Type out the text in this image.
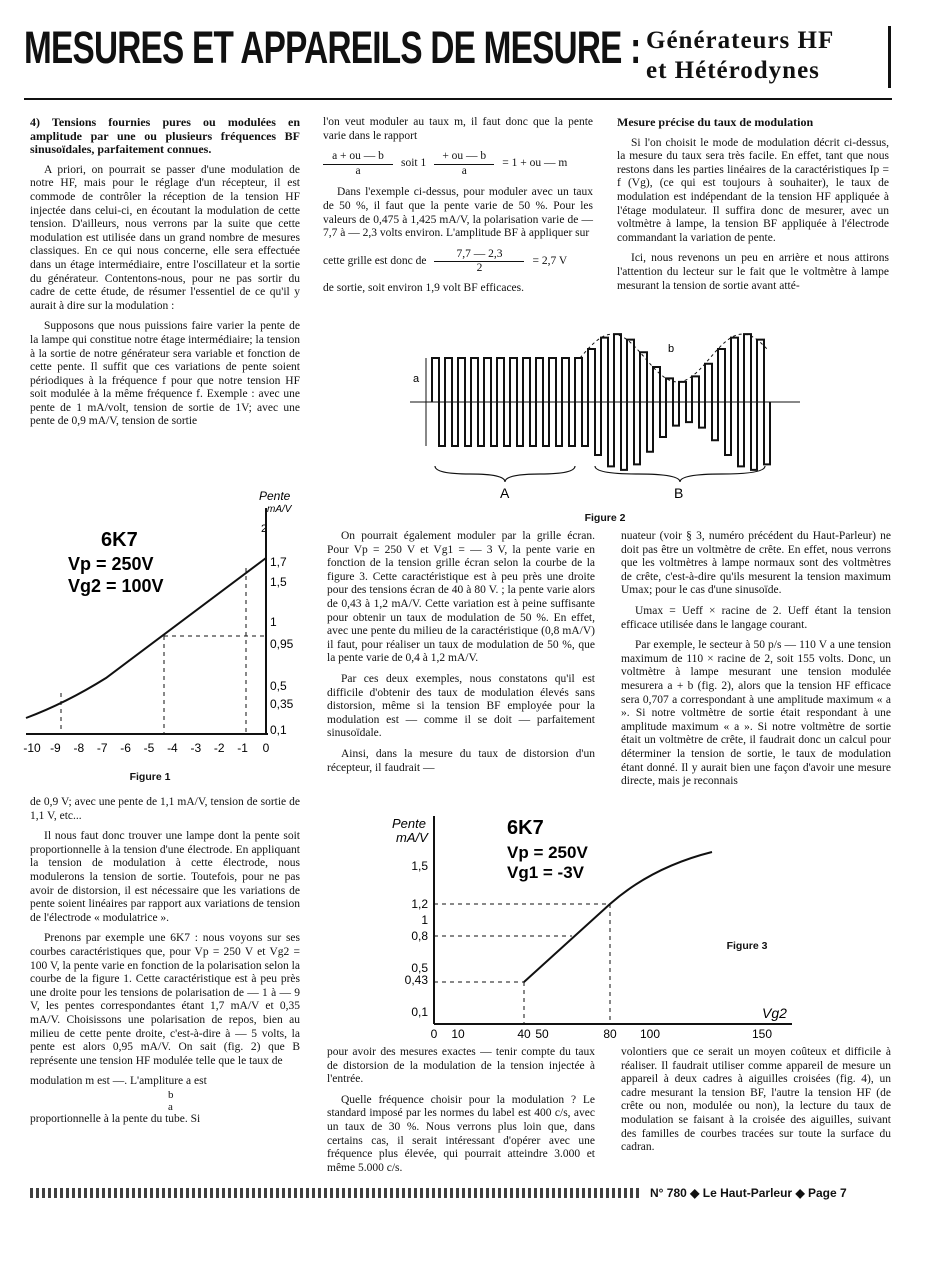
MESURES ET APPAREILS DE MESURE : Générateurs HF
et Hétérodynes

4) Tensions fournies pures ou modulées en amplitude par une ou plusieurs fréquences BF sinusoïdales, parfaitement connues.

A priori, on pourrait se passer d'une modulation de notre HF, mais pour le réglage d'un récepteur, il est commode de contrôler la réception de la tension HF injectée dans celui-ci, en écoutant la modulation de cette tension. D'ailleurs, nous verrons par la suite que cette modulation est utilisée dans un grand nombre de mesures classiques. En ce qui nous concerne, elle sera effectuée dans un étage intermédiaire, entre l'oscillateur et la sortie du générateur. Contentons-nous, pour ne pas sortir du cadre de cette étude, de résumer l'essentiel de ce qu'il y aurait à dire sur la modulation :

Supposons que nous puissions faire varier la pente de la lampe qui constitue notre étage intermédiaire; la tension à la sortie de notre générateur sera variable et fonction de cette pente. Il suffit que ces variations de pente soient périodiques à la fréquence f pour que notre tension HF soit modulée à la même fréquence f. Exemple : avec une pente de 1 mA/volt, tension de sortie de 1V; avec une pente de 0,9 mA/V, tension de sortie

6K7
Vp = 250V
Vg2 = 100V
Pente
mA/V
2
-10 -9 -8 -7 -6 -5 -4 -3 -2 -1 0
1,7
1,5
1
0,95
0,5
0,35
0,1
Figure 1

de 0,9 V; avec une pente de 1,1 mA/V, tension de sortie de 1,1 V, etc...

Il nous faut donc trouver une lampe dont la pente soit proportionnelle à la tension d'une électrode. En appliquant la tension de modulation à cette électrode, nous modulerons la tension de sortie. Toutefois, pour ne pas avoir de distorsion, il est nécessaire que les variations de pente soient linéaires par rapport aux variations de tension de l'électrode « modulatrice ».

Prenons par exemple une 6K7 : nous voyons sur ses courbes caractéristiques que, pour Vp = 250 V et Vg2 = 100 V, la pente varie en fonction de la polarisation selon la courbe de la figure 1. Cette caractéristique est à peu près une droite pour les tensions de polarisation de — 1 à — 9 V, les pentes correspondantes étant 1,7 mA/V et 0,35 mA/V. Choisissons une polarisation de repos, bien au milieu de cette pente droite, c'est-à-dire à — 5 volts, la pente est alors 0,95 mA/V. On sait (fig. 2) que B représente une tension HF modulée telle que le taux de

modulation m est —. L'ampliture a est
b
a

proportionnelle à la pente du tube. Si

l'on veut moduler au taux m, il faut donc que la pente varie dans le rapport

a + ou — b
a
soit 1
+ ou — b
a
= 1 + ou — m

Dans l'exemple ci-dessus, pour moduler avec un taux de 50 %, il faut que la pente varie de 50 %. Pour les valeurs de 0,475 à 1,425 mA/V, la polarisation varie de — 7,7 à — 2,3 volts environ. L'amplitude BF à appliquer sur

cette grille est donc de
7,7 — 2,3
2
= 2,7 V

de sortie, soit environ 1,9 volt BF efficaces.

Mesure précise du taux de modulation

Si l'on choisit le mode de modulation décrit ci-dessus, la mesure du taux sera très facile. En effet, tant que nous restons dans les parties linéaires de la caractéristiques Ip = f (Vg), (ce qui est toujours à souhaiter), le taux de modulation est indépendant de la tension HF appliquée à l'étage modulateur. Il suffira donc de mesurer, avec un voltmètre à lampe, la tension BF appliquée à l'électrode commandant la variation de pente.

Ici, nous revenons un peu en arrière et nous attirons l'attention du lecteur sur le fait que le voltmètre à lampe mesurant la tension de sortie avant atté-

a
b
A	B
Figure 2

On pourrait également moduler par la grille écran. Pour Vp = 250 V et Vg1 = — 3 V, la pente varie en fonction de la tension grille écran selon la courbe de la figure 3. Cette caractéristique est à peu près une droite pour des tensions écran de 40 à 80 V. ; la pente varie alors de 0,43 à 1,2 mA/V. Cette variation est à peine suffisante pour obtenir un taux de modulation de 50 %. En effet, avec une pente du milieu de la caractéristique (0,8 mA/V) il faut, pour réaliser un taux de modulation de 50 %, que la pente varie de 0,4 à 1,2 mA/V.

Par ces deux exemples, nous constatons qu'il est difficile d'obtenir des taux de modulation élevés sans distorsion, même si la tension BF employée pour la modulation est — comme il se doit — parfaitement sinusoïdale.

Ainsi, dans la mesure du taux de distorsion d'un récepteur, il faudrait —

nuateur (voir § 3, numéro précédent du Haut-Parleur) ne doit pas être un voltmètre de crête. En effet, nous verrons que les voltmètres à lampe normaux sont des voltmètres de crête, c'est-à-dire qu'ils mesurent la tension maximum Umax; pour le cas d'une sinusoïde.

Umax = Ueff × racine de 2. Ueff étant la tension efficace utilisée dans le langage courant.

Par exemple, le secteur à 50 p/s — 110 V a une tension maximum de 110 × racine de 2, soit 155 volts. Donc, un voltmètre à lampe mesurant une tension modulée mesurera a + b (fig. 2), alors que la tension HF efficace sera 0,707 a correspondant à une amplitude maximum « a ». Si notre voltmètre de sortie était respondant à une amplitude maximum « a ». Si notre voltmètre de sortie était un voltmètre de crête, il faudrait donc un calcul pour déterminer la tension de sortie, le taux de modulation étant donné. Il y aurait bien une façon d'avoir une mesure directe, mais je reconnais

Pente
mA/V	6K7
Vp = 250V
Vg1 = -3V
Vg2
0 10	40 50	80 100	150
1,5
1,2
1
0,8
0,5
0,43
0,1
Figure 3

pour avoir des mesures exactes — tenir compte du taux de distorsion de la modulation de la tension injectée à l'entrée.

Quelle fréquence choisir pour la modulation ? Le standard imposé par les normes du label est 400 c/s, avec un taux de 30 %. Nous verrons plus loin que, dans certains cas, il serait intéressant d'opérer avec une fréquence plus élevée, qui pourrait atteindre 3.000 et même 5.000 c/s.

volontiers que ce serait un moyen coûteux et difficile à réaliser. Il faudrait utiliser comme appareil de mesure un appareil à deux cadres à aiguilles croisées (fig. 4), un cadre mesurant la tension BF, l'autre la tension HF (de crête ou non, modulée ou non), la lecture du taux de modulation se faisant à la croisée des aiguilles, suivant des familles de courbes tracées sur toute la surface du cadran.

N° 780 ◆ Le Haut-Parleur ◆ Page 7
